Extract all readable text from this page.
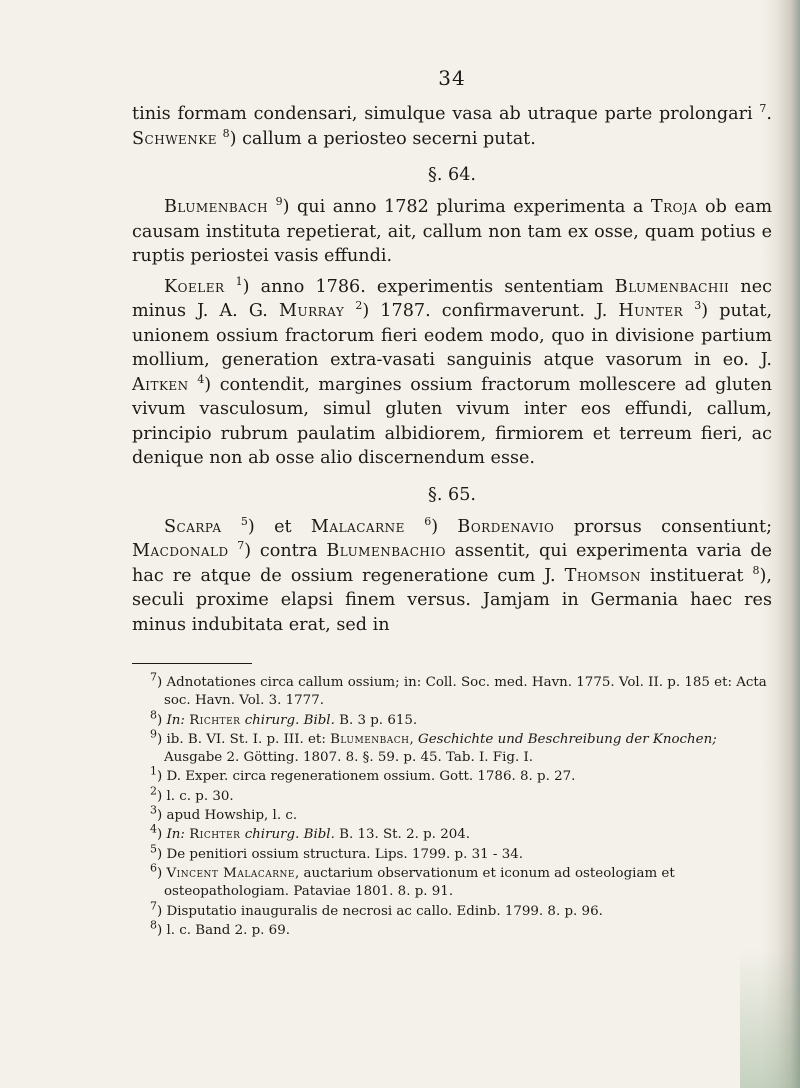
34

tinis formam condensari, simulque vasa ab utraque parte prolongari $^7$. Schwenke $^8$) callum a periosteo secerni putat.

§. 64.

Blumenbach $^9$) qui anno 1782 plurima experimenta a Troja ob eam causam instituta repetierat, ait, callum non tam ex osse, quam potius e ruptis periostei vasis effundi.

Koeler $^1$) anno 1786. experimentis sententiam Blumenbachii nec minus J. A. G. Murray $^2$) 1787. confirmaverunt. J. Hunter $^3$) putat, unionem ossium fractorum fieri eodem modo, quo in divisione partium mollium, generation extra-vasati sanguinis atque vasorum in eo. J. Aitken $^4$) contendit, margines ossium fractorum mollescere ad gluten vivum vasculosum, simul gluten vivum inter eos effundi, callum, principio rubrum paulatim albidiorem, firmiorem et terreum fieri, ac denique non ab osse alio discernendum esse.

§. 65.

Scarpa $^5$) et Malacarne $^6$) Bordenavio prorsus consentiunt; Macdonald $^7$) contra Blumenbachio assentit, qui experimenta varia de hac re atque de ossium regeneratione cum J. Thomson instituerat $^8$), seculi proxime elapsi finem versus. Jamjam in Germania haec res minus indubitata erat, sed in

$^7$) Adnotationes circa callum ossium; in: Coll. Soc. med. Havn. 1775. Vol. II. p. 185 et: Acta soc. Havn. Vol. 3. 1777.

$^8$) In: Richter chirurg. Bibl. B. 3 p. 615.

$^9$) ib. B. VI. St. I. p. III. et: Blumenbach, Geschichte und Beschreibung der Knochen; Ausgabe 2. Götting. 1807. 8. §. 59. p. 45. Tab. I. Fig. I.

$^1$) D. Exper. circa regenerationem ossium. Gott. 1786. 8. p. 27.

$^2$) l. c. p. 30.

$^3$) apud Howship, l. c.

$^4$) In: Richter chirurg. Bibl. B. 13. St. 2. p. 204.

$^5$) De penitiori ossium structura. Lips. 1799. p. 31 - 34.

$^6$) Vincent Malacarne, auctarium observationum et iconum ad osteologiam et osteopathologiam. Pataviae 1801. 8. p. 91.

$^7$) Disputatio inauguralis de necrosi ac callo. Edinb. 1799. 8. p. 96.

$^8$) l. c. Band 2. p. 69.
